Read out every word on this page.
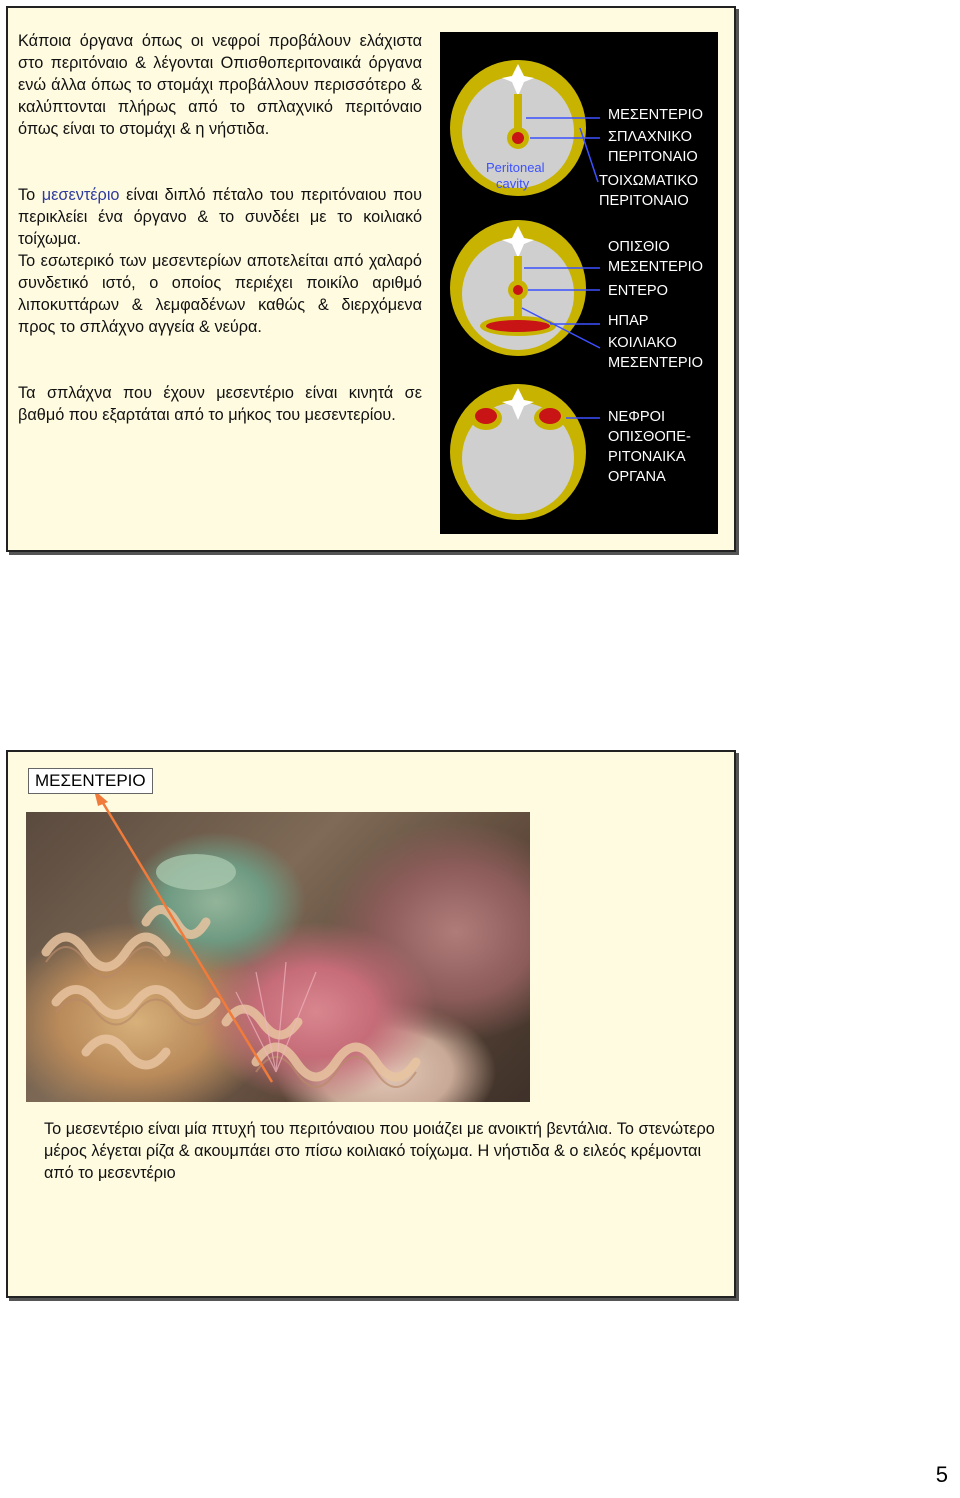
Κάποια όργανα όπως οι νεφροί προβάλουν ελάχιστα στο περιτόναιο & λέγονται Οπισθοπεριτοναικά όργανα ενώ άλλα όπως το στομάχι προβάλλουν περισσότερο & καλύπτονται πλήρως από το σπλαχνικό περιτόναιο όπως είναι το στομάχι & η νήστιδα.

Το μεσεντέριο είναι διπλό πέταλο του περιτόναιου που περικλείει ένα όργανο & το συνδέει με το κοιλιακό τοίχωμα.

Το εσωτερικό των μεσεντερίων αποτελείται από χαλαρό συνδετικό ιστό, ο οποίος περιέχει ποικίλο αριθμό λιποκυττάρων & λεμφαδένων καθώς & διερχόμενα προς το σπλάχνο αγγεία & νεύρα.

Τα σπλάχνα που έχουν μεσεντέριο είναι κινητά σε βαθμό που εξαρτάται από το μήκος του μεσεντερίου.

Peritoneal
cavity
ΜΕΣΕΝΤΕΡΙΟ
ΣΠΛΑΧΝΙΚΟ
ΠΕΡΙΤΟΝΑΙΟ
ΤΟΙΧΩΜΑΤΙΚΟ
ΠΕΡΙΤΟΝΑΙΟ
ΟΠΙΣΘΙΟ
ΜΕΣΕΝΤΕΡΙΟ
ΕΝΤΕΡΟ
ΗΠΑΡ
ΚΟΙΛΙΑΚΟ
ΜΕΣΕΝΤΕΡΙΟ
ΝΕΦΡΟΙ
ΟΠΙΣΘΟΠΕ-
ΡΙΤΟΝΑΙΚΑ
ΟΡΓΑΝΑ
ΜΕΣΕΝΤΕΡΙΟ

Το μεσεντέριο είναι μία πτυχή του περιτόναιου που μοιάζει με ανοικτή βεντάλια. Το στενώτερο μέρος λέγεται ρίζα & ακουμπάει στο πίσω κοιλιακό τοίχωμα. Η νήστιδα & ο ειλεός κρέμονται από το μεσεντέριο

5
